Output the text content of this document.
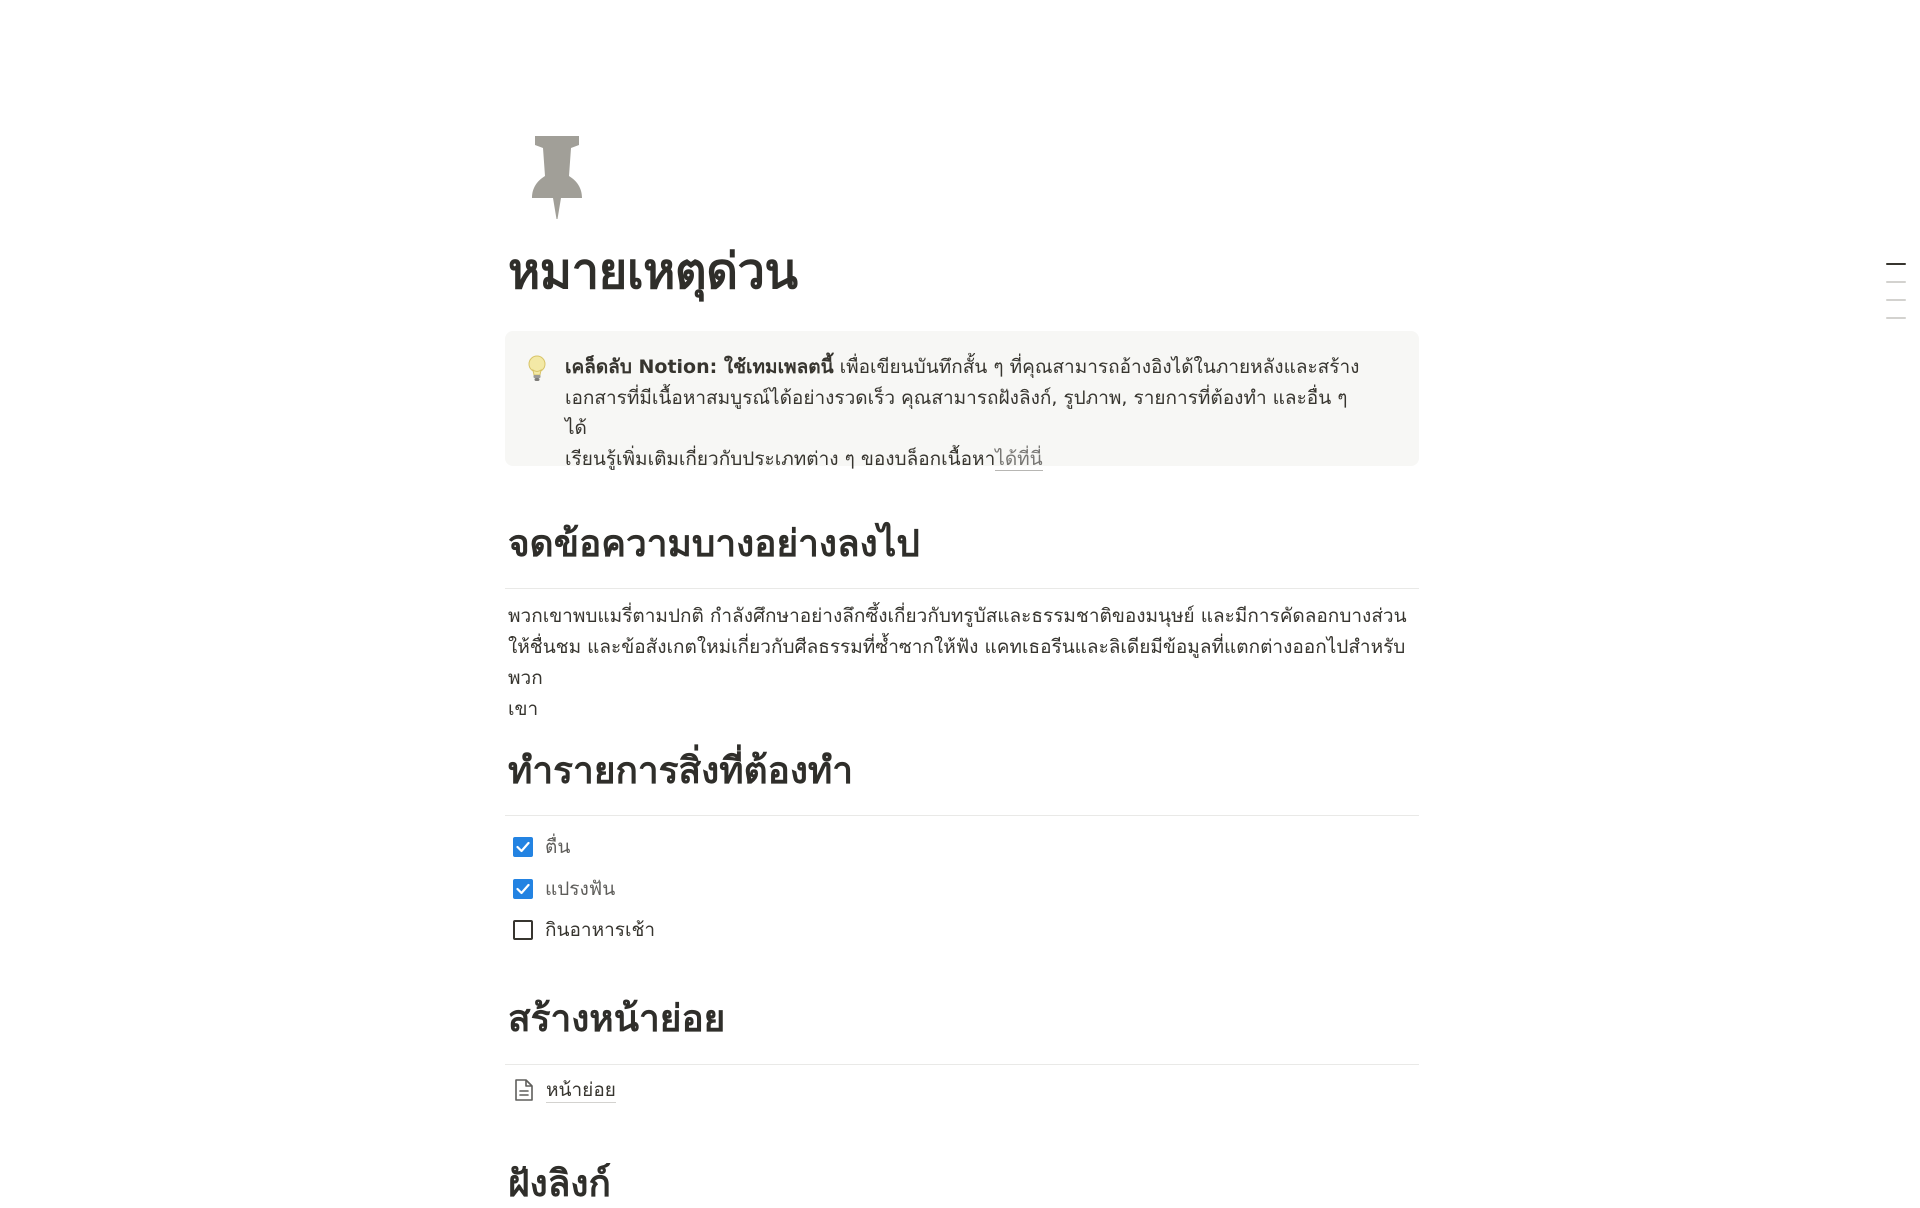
หมายเหตุด่วน
เคล็ดลับ Notion: ใช้เทมเพลตนี้ เพื่อเขียนบันทึกสั้น ๆ ที่คุณสามารถอ้างอิงได้ในภายหลังและสร้าง
เอกสารที่มีเนื้อหาสมบูรณ์ได้อย่างรวดเร็ว คุณสามารถฝังลิงก์, รูปภาพ, รายการที่ต้องทำ และอื่น ๆ ได้
เรียนรู้เพิ่มเติมเกี่ยวกับประเภทต่าง ๆ ของบล็อกเนื้อหาได้ที่นี่
จดข้อความบางอย่างลงไป
พวกเขาพบแมรี่ตามปกติ กำลังศึกษาอย่างลึกซึ้งเกี่ยวกับทรูบัสและธรรมชาติของมนุษย์ และมีการคัดลอกบางส่วน
ให้ชื่นชม และข้อสังเกตใหม่เกี่ยวกับศีลธรรมที่ซ้ำซากให้ฟัง แคทเธอรีนและลิเดียมีข้อมูลที่แตกต่างออกไปสำหรับพวก
เขา
ทำรายการสิ่งที่ต้องทำ
ตื่น
แปรงฟัน
กินอาหารเช้า
สร้างหน้าย่อย
หน้าย่อย
ฝังลิงก์
